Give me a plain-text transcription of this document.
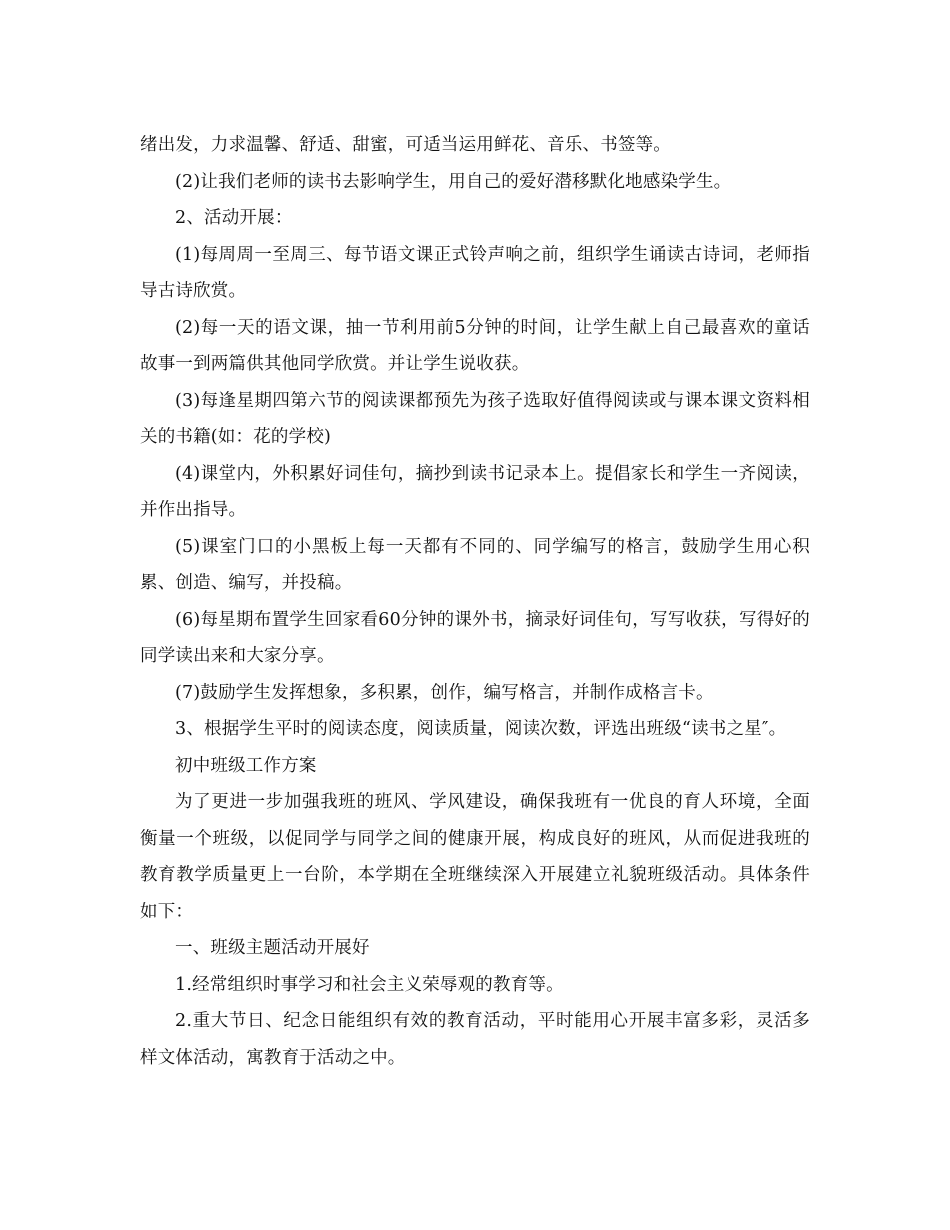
绪出发，力求温馨、舒适、甜蜜，可适当运用鲜花、音乐、书签等。

(2)让我们老师的读书去影响学生，用自己的爱好潜移默化地感染学生。

2、活动开展：

(1)每周周一至周三、每节语文课正式铃声响之前，组织学生诵读古诗词，老师指导古诗欣赏。

(2)每一天的语文课，抽一节利用前5分钟的时间，让学生献上自己最喜欢的童话故事一到两篇供其他同学欣赏。并让学生说收获。

(3)每逢星期四第六节的阅读课都预先为孩子选取好值得阅读或与课本课文资料相关的书籍(如：花的学校)

(4)课堂内，外积累好词佳句，摘抄到读书记录本上。提倡家长和学生一齐阅读，并作出指导。

(5)课室门口的小黑板上每一天都有不同的、同学编写的格言，鼓励学生用心积累、创造、编写，并投稿。

(6)每星期布置学生回家看60分钟的课外书，摘录好词佳句，写写收获，写得好的同学读出来和大家分享。

(7)鼓励学生发挥想象，多积累，创作，编写格言，并制作成格言卡。

3、根据学生平时的阅读态度，阅读质量，阅读次数，评选出班级“读书之星″。

初中班级工作方案

为了更进一步加强我班的班风、学风建设，确保我班有一优良的育人环境，全面衡量一个班级，以促同学与同学之间的健康开展，构成良好的班风，从而促进我班的教育教学质量更上一台阶，本学期在全班继续深入开展建立礼貌班级活动。具体条件如下：

一、班级主题活动开展好

1.经常组织时事学习和社会主义荣辱观的教育等。

2.重大节日、纪念日能组织有效的教育活动，平时能用心开展丰富多彩，灵活多样文体活动，寓教育于活动之中。
